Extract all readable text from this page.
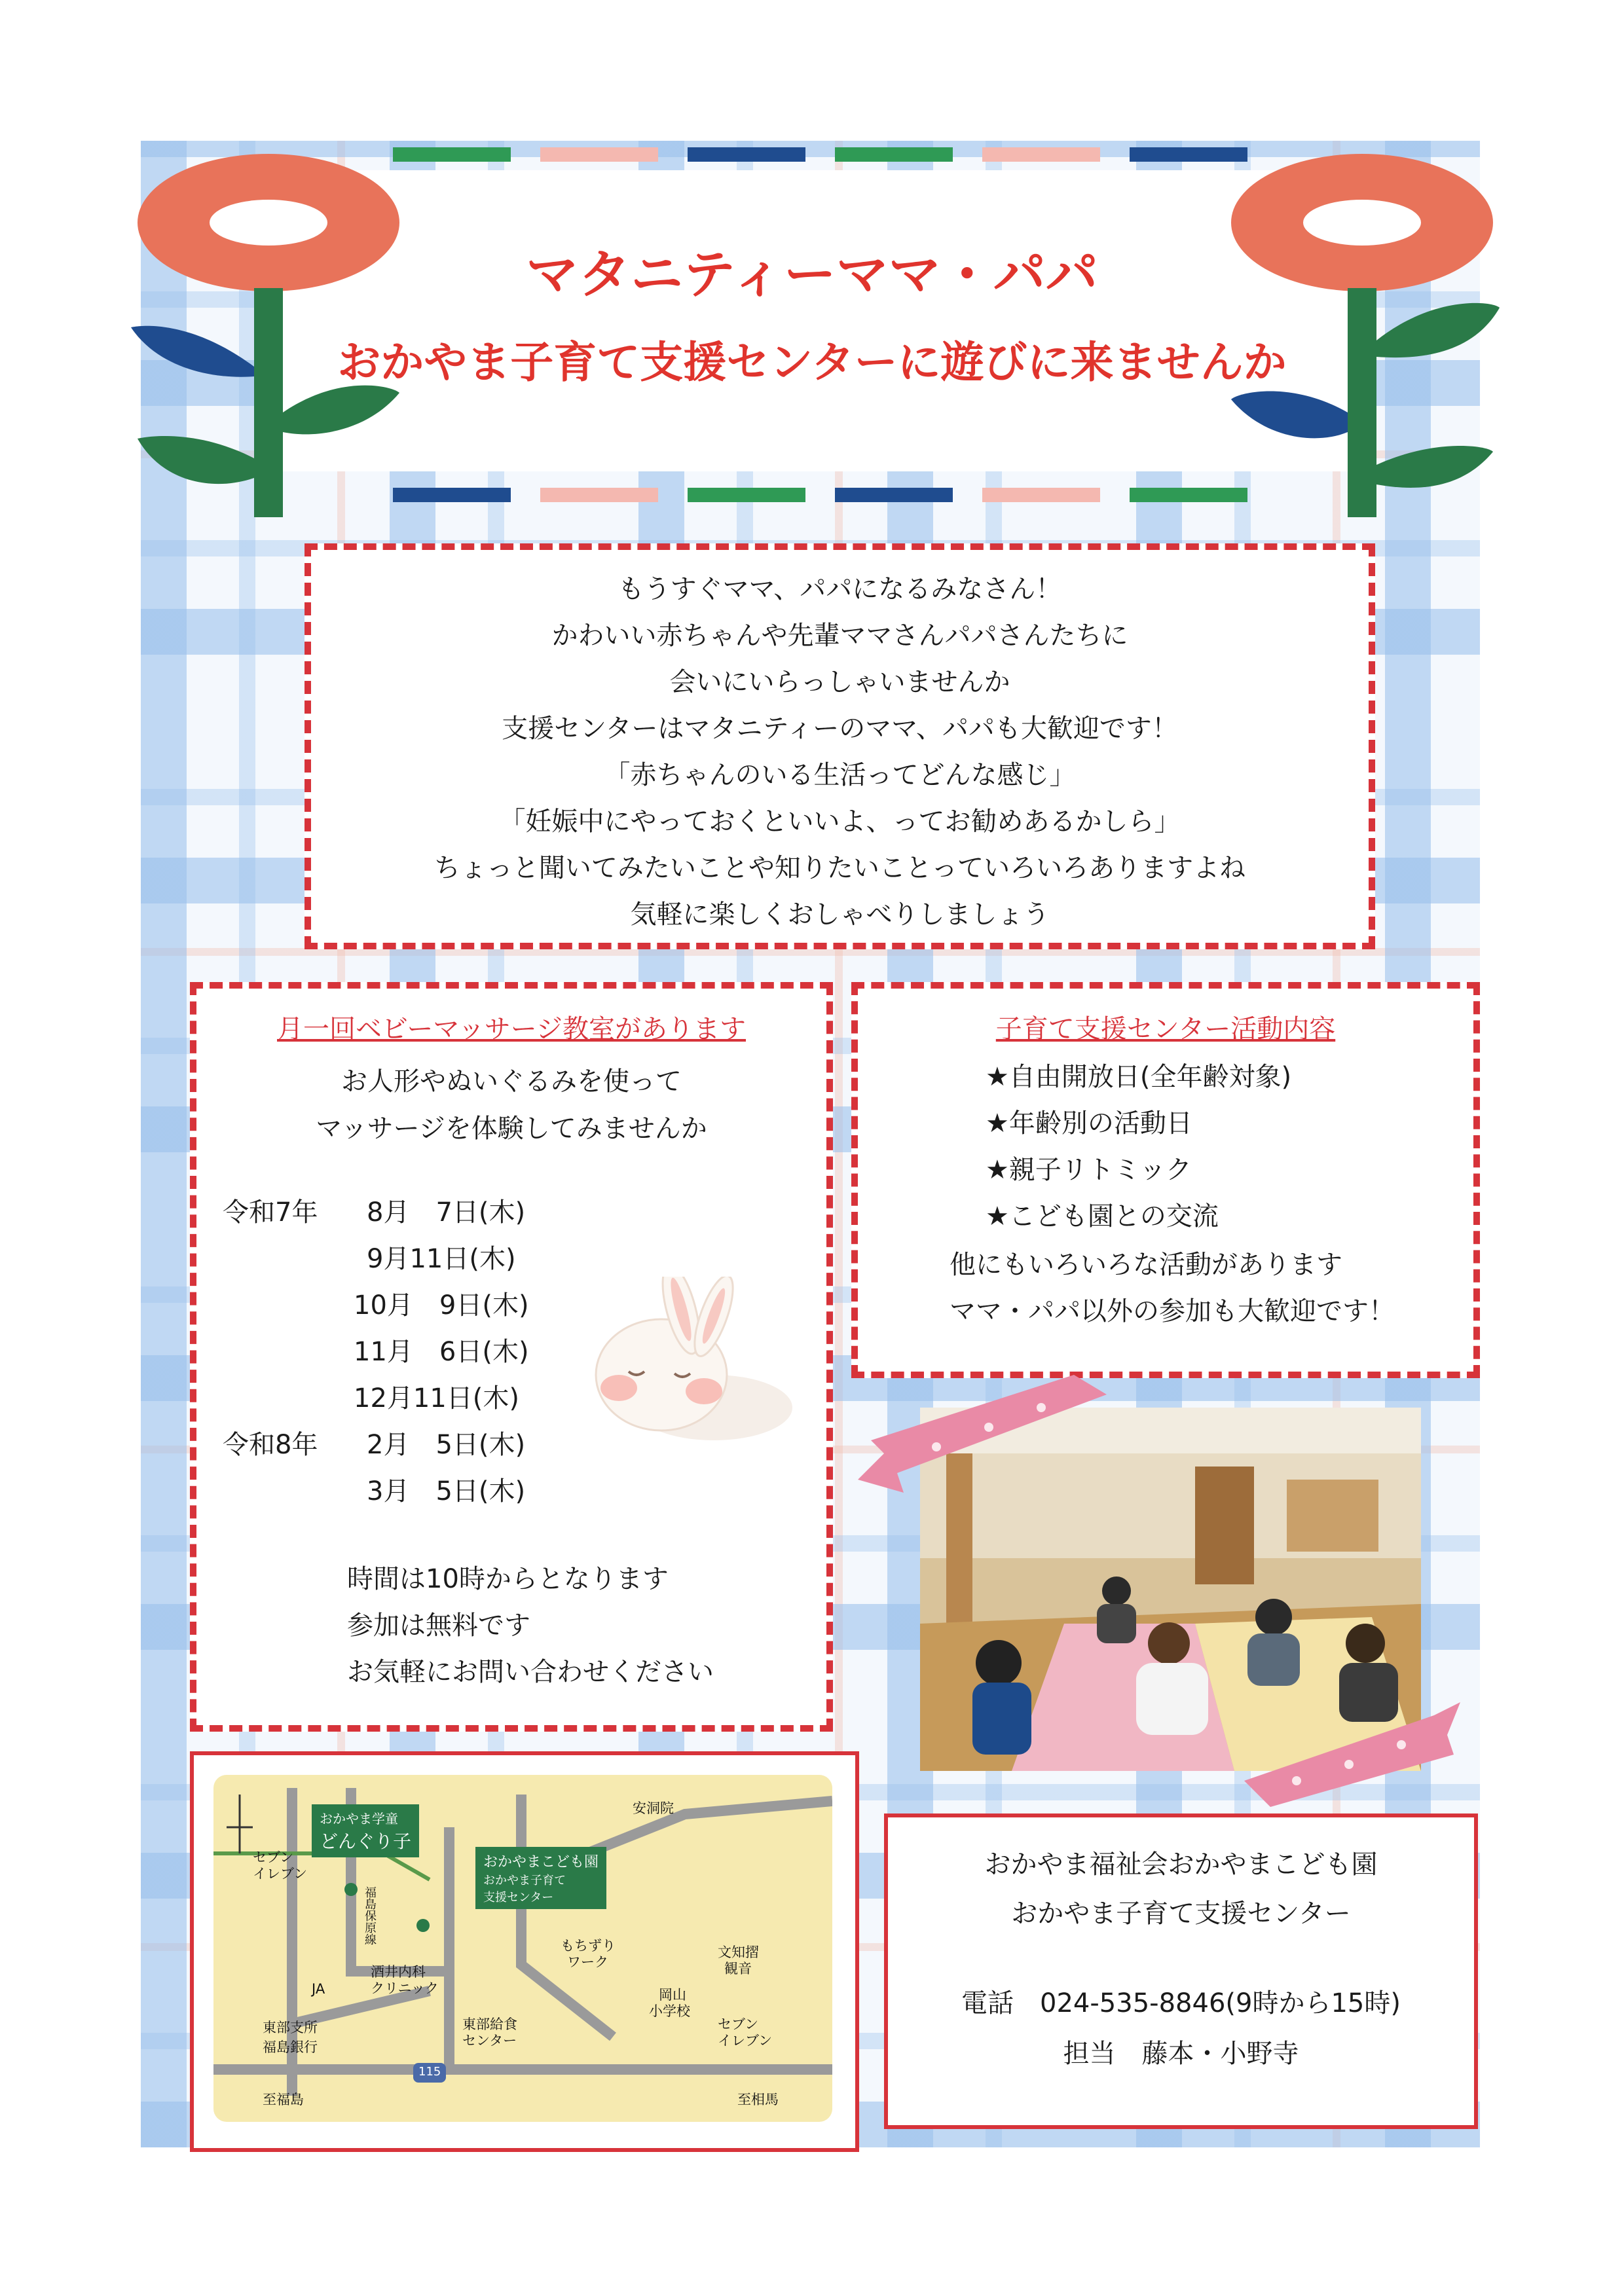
マタニティーママ・パパ
おかやま子育て支援センターに遊びに来ませんか
もうすぐママ、パパになるみなさん！
かわいい赤ちゃんや先輩ママさんパパさんたちに
会いにいらっしゃいませんか
支援センターはマタニティーのママ、パパも大歓迎です！
「赤ちゃんのいる生活ってどんな感じ」
「妊娠中にやっておくといいよ、ってお勧めあるかしら」
ちょっと聞いてみたいことや知りたいことっていろいろありますよね
気軽に楽しくおしゃべりしましょう
月一回ベビーマッサージ教室があります
お人形やぬいぐるみを使って
マッサージを体験してみませんか
令和7年 8月　7日(木)
9月11日(木)
10月　9日(木)
11月　6日(木)
12月11日(木)
令和8年 2月　5日(木)
3月　5日(木)
時間は10時からとなります
参加は無料です
お気軽にお問い合わせください
子育て支援センター活動内容
★自由開放日(全年齢対象)
★年齢別の活動日
★親子リトミック
★こども園との交流
他にもいろいろな活動があります
ママ・パパ以外の参加も大歓迎です！
安洞院
おかやま学童
どんぐり子
おかやまこども園
おかやま子育て
支援センター
セブン
イレブン
福島保原線
もちずり
ワーク
文知摺
観音
JA
酒井内科
クリニック	岡山
小学校
東部支所
福島銀行
東部給食
センター
セブン
イレブン
115
至福島	至相馬
おかやま福祉会おかやまこども園
おかやま子育て支援センター
電話　024-535-8846(9時から15時)
担当　藤本・小野寺
